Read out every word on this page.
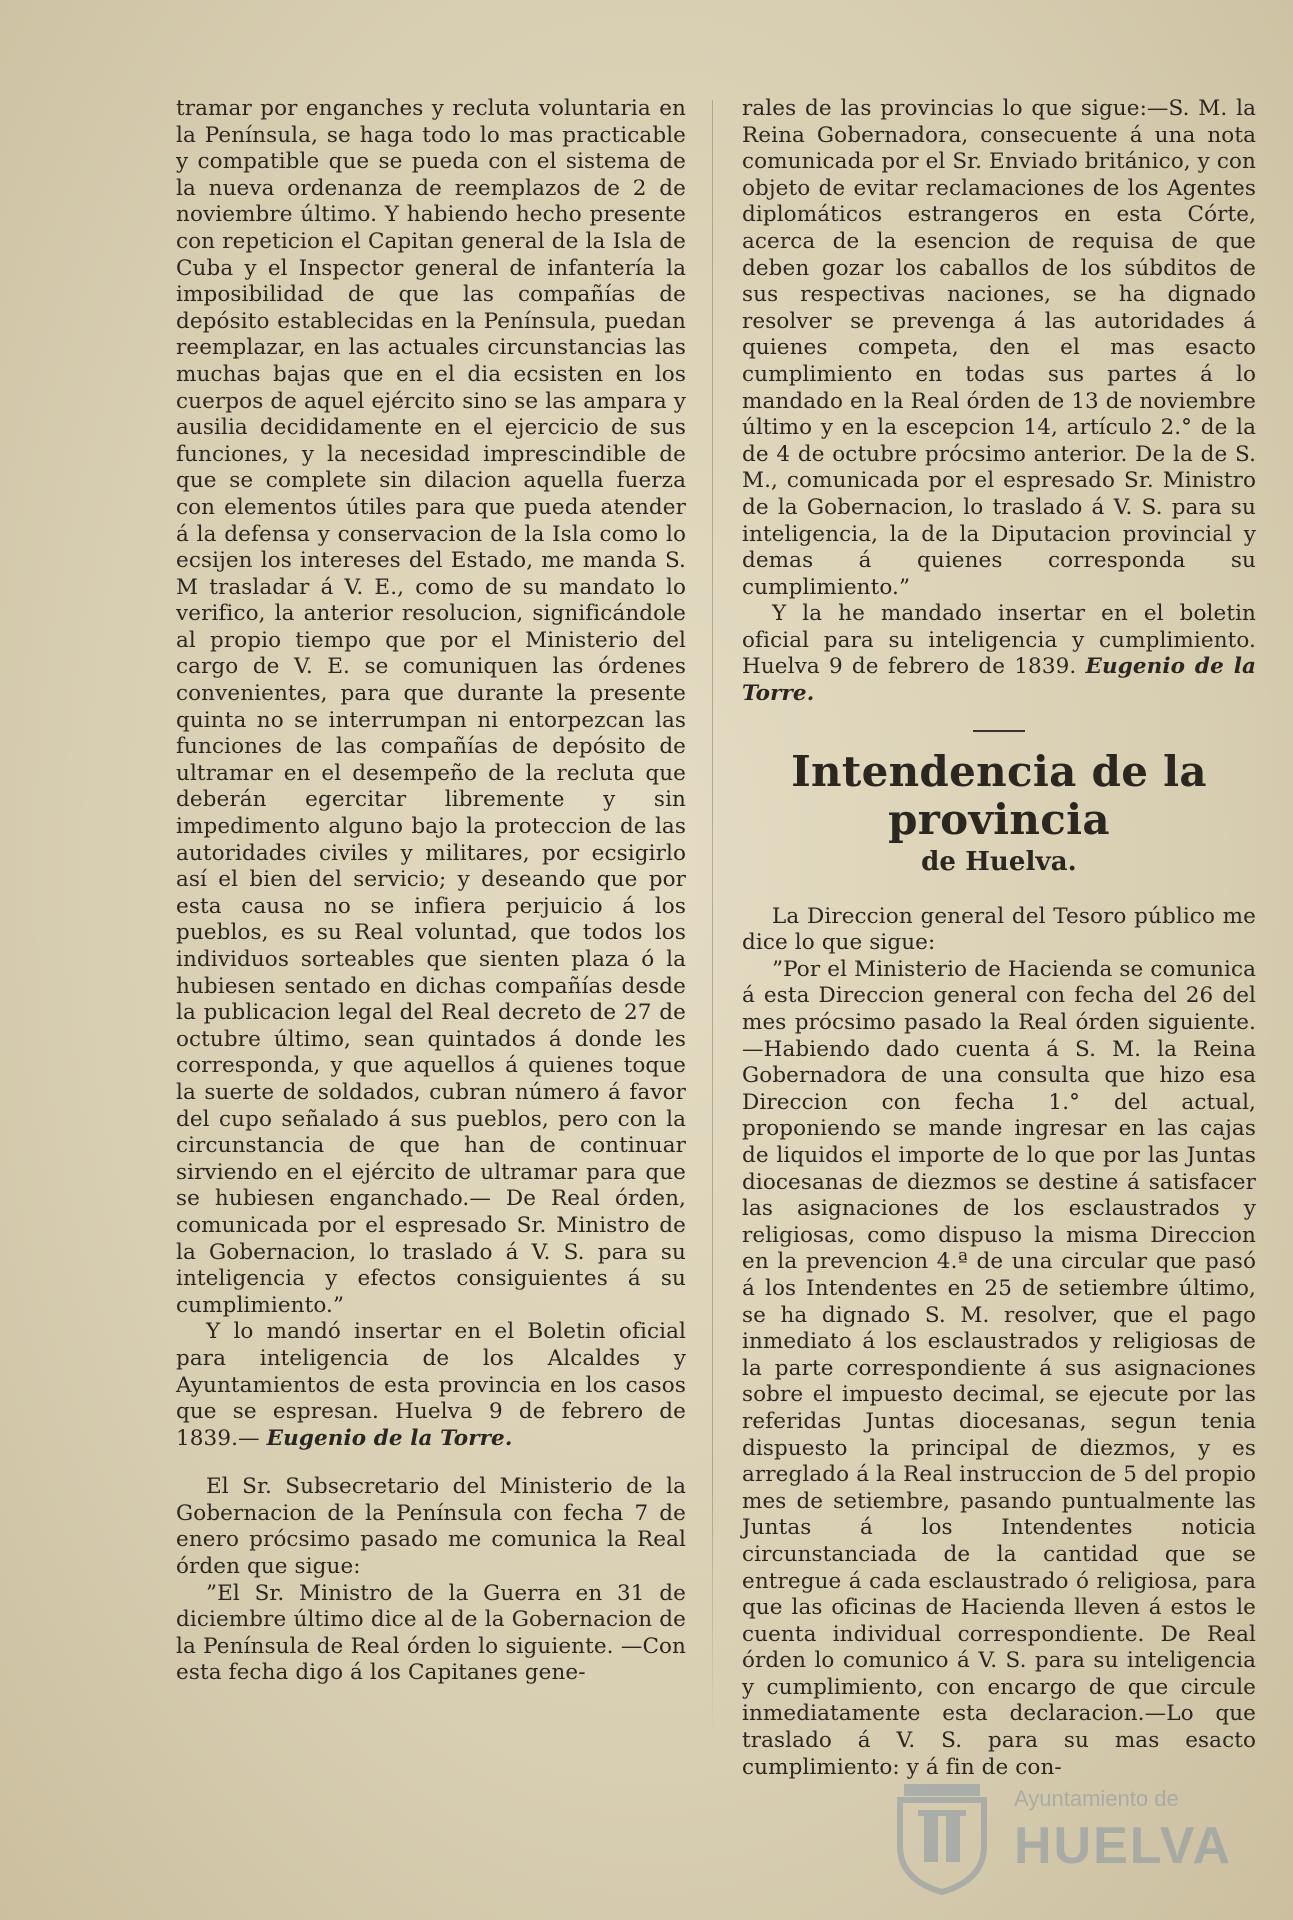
tramar por enganches y recluta voluntaria en la Península, se haga todo lo mas practicable y compatible que se pueda con el sistema de la nueva ordenanza de reemplazos de 2 de noviembre último. Y habiendo hecho presente con repeticion el Capitan general de la Isla de Cuba y el Inspector general de infantería la imposibilidad de que las compañías de depósito establecidas en la Península, puedan reemplazar, en las actuales circunstancias las muchas bajas que en el dia ecsisten en los cuerpos de aquel ejército sino se las ampara y ausilia decididamente en el ejercicio de sus funciones, y la necesidad imprescindible de que se complete sin dilacion aquella fuerza con elementos útiles para que pueda atender á la defensa y conservacion de la Isla como lo ecsijen los intereses del Estado, me manda S. M trasladar á V. E., como de su mandato lo verifico, la anterior resolucion, significándole al propio tiempo que por el Ministerio del cargo de V. E. se comuniquen las órdenes convenientes, para que durante la presente quinta no se interrumpan ni entorpezcan las funciones de las compañías de depósito de ultramar en el desempeño de la recluta que deberán egercitar libremente y sin impedimento alguno bajo la proteccion de las autoridades civiles y militares, por ecsigirlo así el bien del servicio; y deseando que por esta causa no se infiera perjuicio á los pueblos, es su Real voluntad, que todos los individuos sorteables que sienten plaza ó la hubiesen sentado en dichas compañías desde la publicacion legal del Real decreto de 27 de octubre último, sean quintados á donde les corresponda, y que aquellos á quienes toque la suerte de soldados, cubran número á favor del cupo señalado á sus pueblos, pero con la circunstancia de que han de continuar sirviendo en el ejército de ultramar para que se hubiesen enganchado.— De Real órden, comunicada por el espresado Sr. Ministro de la Gobernacion, lo traslado á V. S. para su inteligencia y efectos consiguientes á su cumplimiento.”

Y lo mandó insertar en el Boletin oficial para inteligencia de los Alcaldes y Ayuntamientos de esta provincia en los casos que se espresan. Huelva 9 de febrero de 1839.— Eugenio de la Torre.

El Sr. Subsecretario del Ministerio de la Gobernacion de la Península con fecha 7 de enero prócsimo pasado me comunica la Real órden que sigue:

”El Sr. Ministro de la Guerra en 31 de diciembre último dice al de la Gobernacion de la Península de Real órden lo siguiente. —Con esta fecha digo á los Capitanes gene-

rales de las provincias lo que sigue:—S. M. la Reina Gobernadora, consecuente á una nota comunicada por el Sr. Enviado británico, y con objeto de evitar reclamaciones de los Agentes diplomáticos estrangeros en esta Córte, acerca de la esencion de requisa de que deben gozar los caballos de los súbditos de sus respectivas naciones, se ha dignado resolver se prevenga á las autoridades á quienes competa, den el mas esacto cumplimiento en todas sus partes á lo mandado en la Real órden de 13 de noviembre último y en la escepcion 14, artículo 2.° de la de 4 de octubre prócsimo anterior. De la de S. M., comunicada por el espresado Sr. Ministro de la Gobernacion, lo traslado á V. S. para su inteligencia, la de la Diputacion provincial y demas á quienes corresponda su cumplimiento.”

Y la he mandado insertar en el boletin oficial para su inteligencia y cumplimiento. Huelva 9 de febrero de 1839. Eugenio de la Torre.

Intendencia de la provincia
de Huelva.

La Direccion general del Tesoro público me dice lo que sigue:

”Por el Ministerio de Hacienda se comunica á esta Direccion general con fecha del 26 del mes prócsimo pasado la Real órden siguiente.—Habiendo dado cuenta á S. M. la Reina Gobernadora de una consulta que hizo esa Direccion con fecha 1.° del actual, proponiendo se mande ingresar en las cajas de liquidos el importe de lo que por las Juntas diocesanas de diezmos se destine á satisfacer las asignaciones de los esclaustrados y religiosas, como dispuso la misma Direccion en la prevencion 4.ª de una circular que pasó á los Intendentes en 25 de setiembre último, se ha dignado S. M. resolver, que el pago inmediato á los esclaustrados y religiosas de la parte correspondiente á sus asignaciones sobre el impuesto decimal, se ejecute por las referidas Juntas diocesanas, segun tenia dispuesto la principal de diezmos, y es arreglado á la Real instruccion de 5 del propio mes de setiembre, pasando puntualmente las Juntas á los Intendentes noticia circunstanciada de la cantidad que se entregue á cada esclaustrado ó religiosa, para que las oficinas de Hacienda lleven á estos le cuenta individual correspondiente. De Real órden lo comunico á V. S. para su inteligencia y cumplimiento, con encargo de que circule inmediatamente esta declaracion.—Lo que traslado á V. S. para su mas esacto cumplimiento: y á fin de con-

Ayuntamiento de
HUELVA
